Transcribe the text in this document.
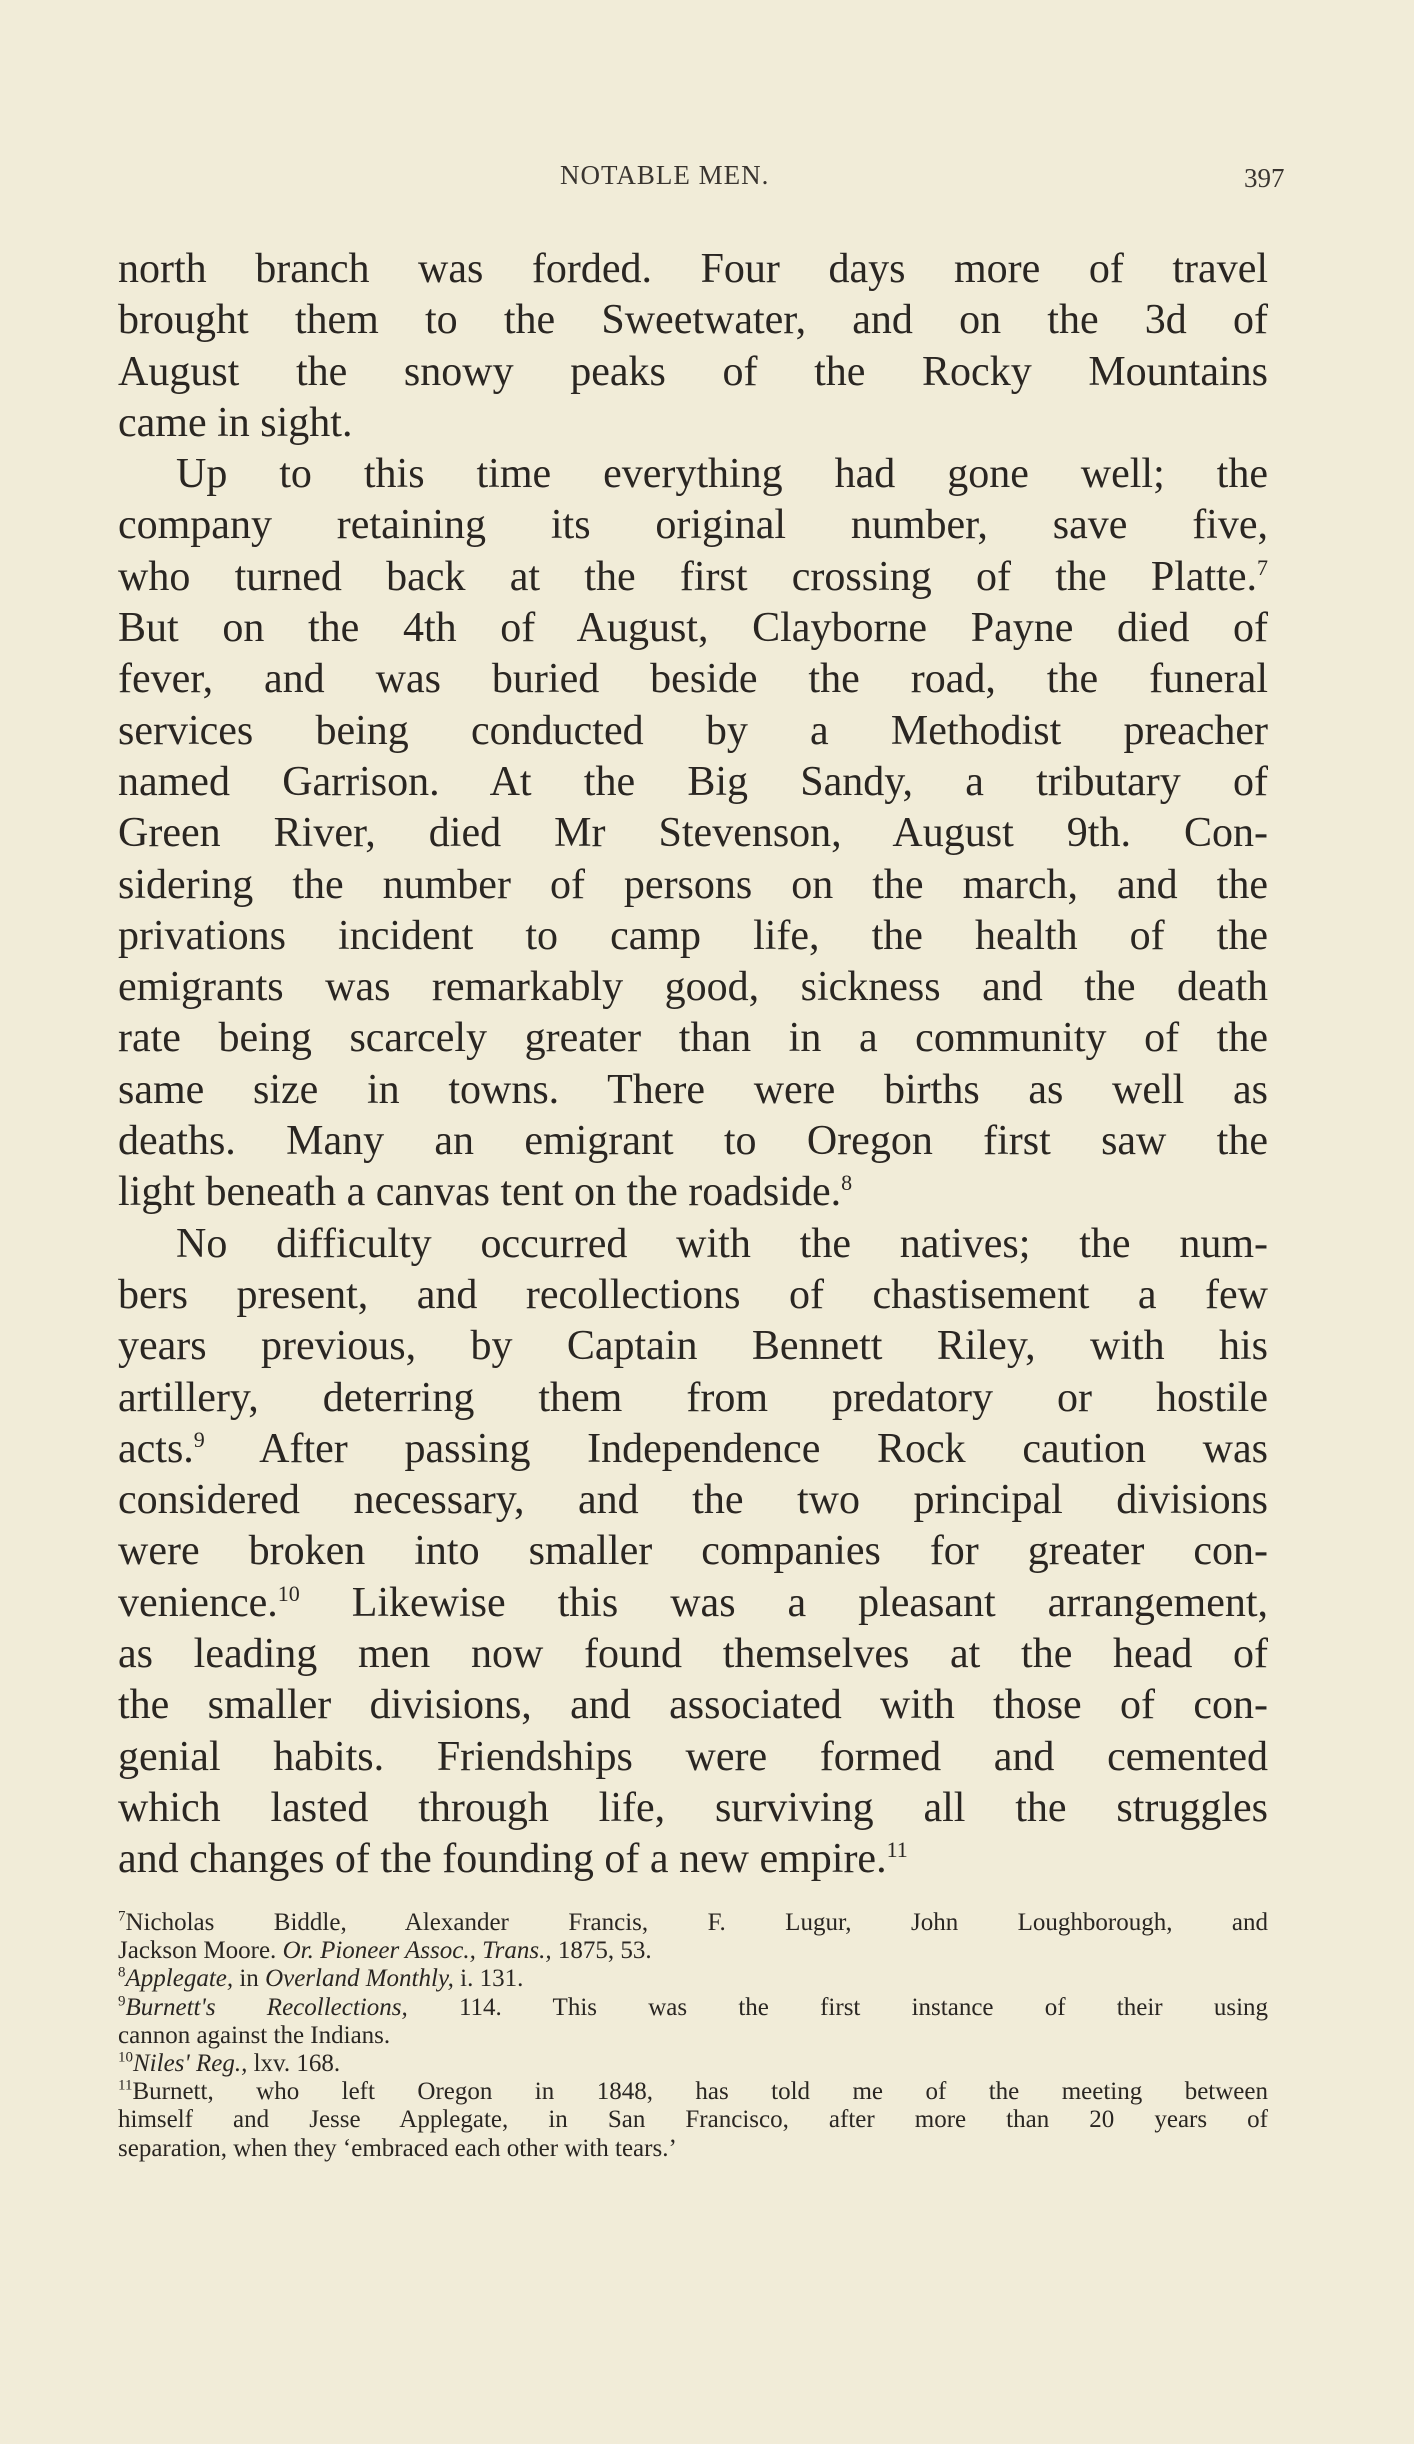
NOTABLE MEN.	397
north branch was forded. Four days more of travel
brought them to the Sweetwater, and on the 3d of
August the snowy peaks of the Rocky Mountains
came in sight.
Up to this time everything had gone well; the
company retaining its original number, save five,
who turned back at the first crossing of the Platte.$^7$
But on the 4th of August, Clayborne Payne died of
fever, and was buried beside the road, the funeral
services being conducted by a Methodist preacher
named Garrison. At the Big Sandy, a tributary of
Green River, died Mr Stevenson, August 9th. Con-
sidering the number of persons on the march, and the
privations incident to camp life, the health of the
emigrants was remarkably good, sickness and the death
rate being scarcely greater than in a community of the
same size in towns. There were births as well as
deaths. Many an emigrant to Oregon first saw the
light beneath a canvas tent on the roadside.$^8$
No difficulty occurred with the natives; the num-
bers present, and recollections of chastisement a few
years previous, by Captain Bennett Riley, with his
artillery, deterring them from predatory or hostile
acts.$^9$ After passing Independence Rock caution was
considered necessary, and the two principal divisions
were broken into smaller companies for greater con-
venience.$^{10}$ Likewise this was a pleasant arrangement,
as leading men now found themselves at the head of
the smaller divisions, and associated with those of con-
genial habits. Friendships were formed and cemented
which lasted through life, surviving all the struggles
and changes of the founding of a new empire.$^{11}$
$^7$Nicholas Biddle, Alexander Francis, F. Lugur, John Loughborough, and
Jackson Moore. Or. Pioneer Assoc., Trans., 1875, 53.
$^8$Applegate, in Overland Monthly, i. 131.
$^9$Burnett's Recollections, 114. This was the first instance of their using
cannon against the Indians.
$^{10}$Niles' Reg., lxv. 168.
$^{11}$Burnett, who left Oregon in 1848, has told me of the meeting between
himself and Jesse Applegate, in San Francisco, after more than 20 years of
separation, when they ‘embraced each other with tears.’
